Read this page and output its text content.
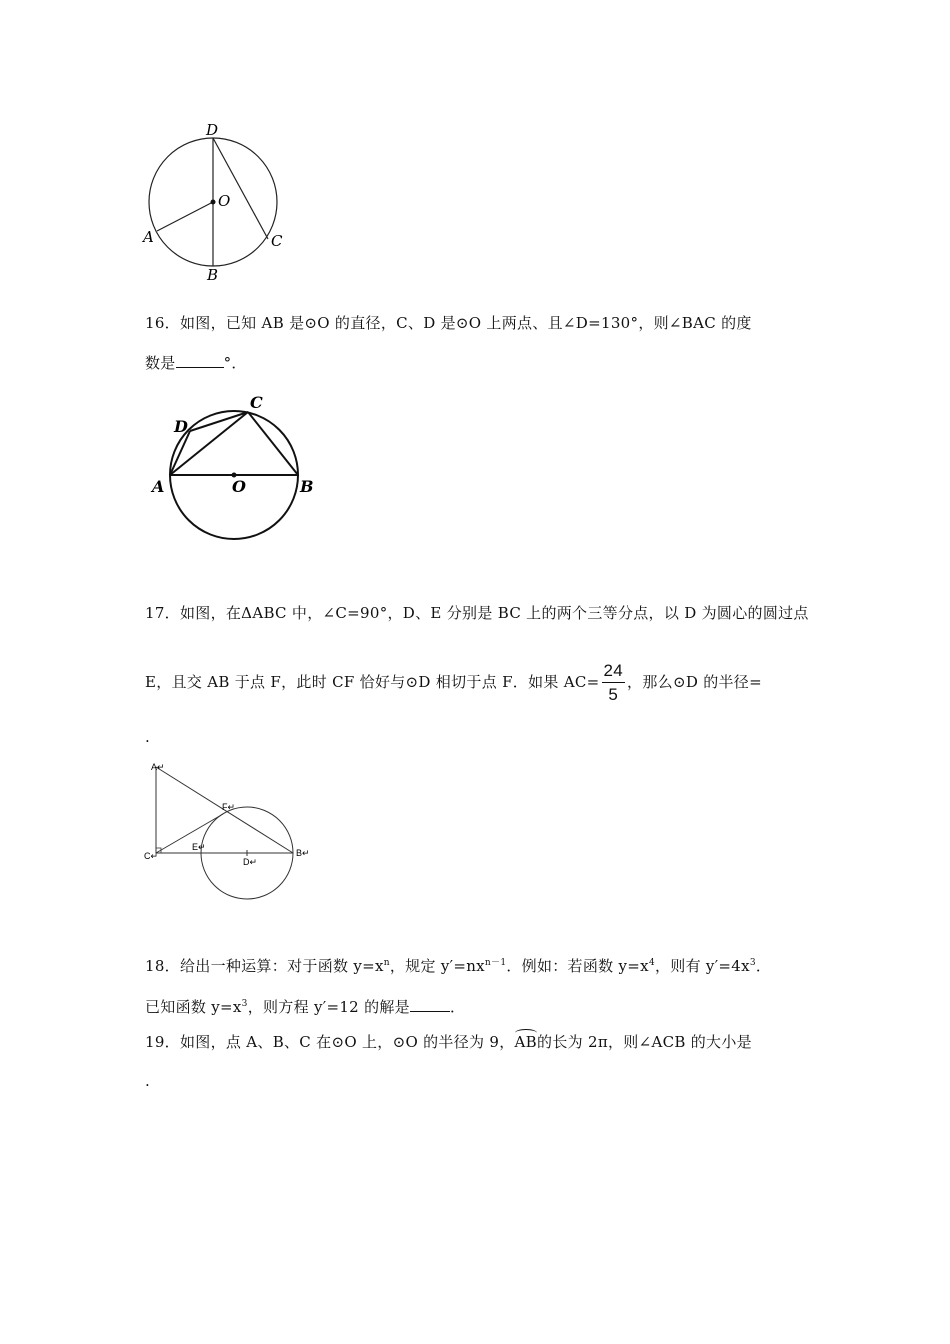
D
O
A
B
C
16．如图，已知 AB 是⊙O 的直径，C、D 是⊙O 上两点、且∠D=130°，则∠BAC 的度
数是	°．
C
D
A	O	B
17．如图，在ΔABC 中，∠C=90°，D、E 分别是 BC 上的两个三等分点，以 D 为圆心的圆过点
E，且交 AB 于点 F，此时 CF 恰好与⊙D 相切于点 F．如果 $AC= \frac{24}{5}$ ，那么⊙D 的半径=
.
A↵
F↵
E↵
C↵
D↵
B↵
18．给出一种运算：对于函数 $y=x^n$，规定 $y'=nx^{n-1}$．例如：若函数 $y=x^4$，则有 $y'=4x^3$．
已知函数 $y=x^3$，则方程 y′=12 的解是	．
19．如图，点 A、B、C 在⊙O 上，⊙O 的半径为 9，AB的长为 2π，则∠ACB 的大小是
.
